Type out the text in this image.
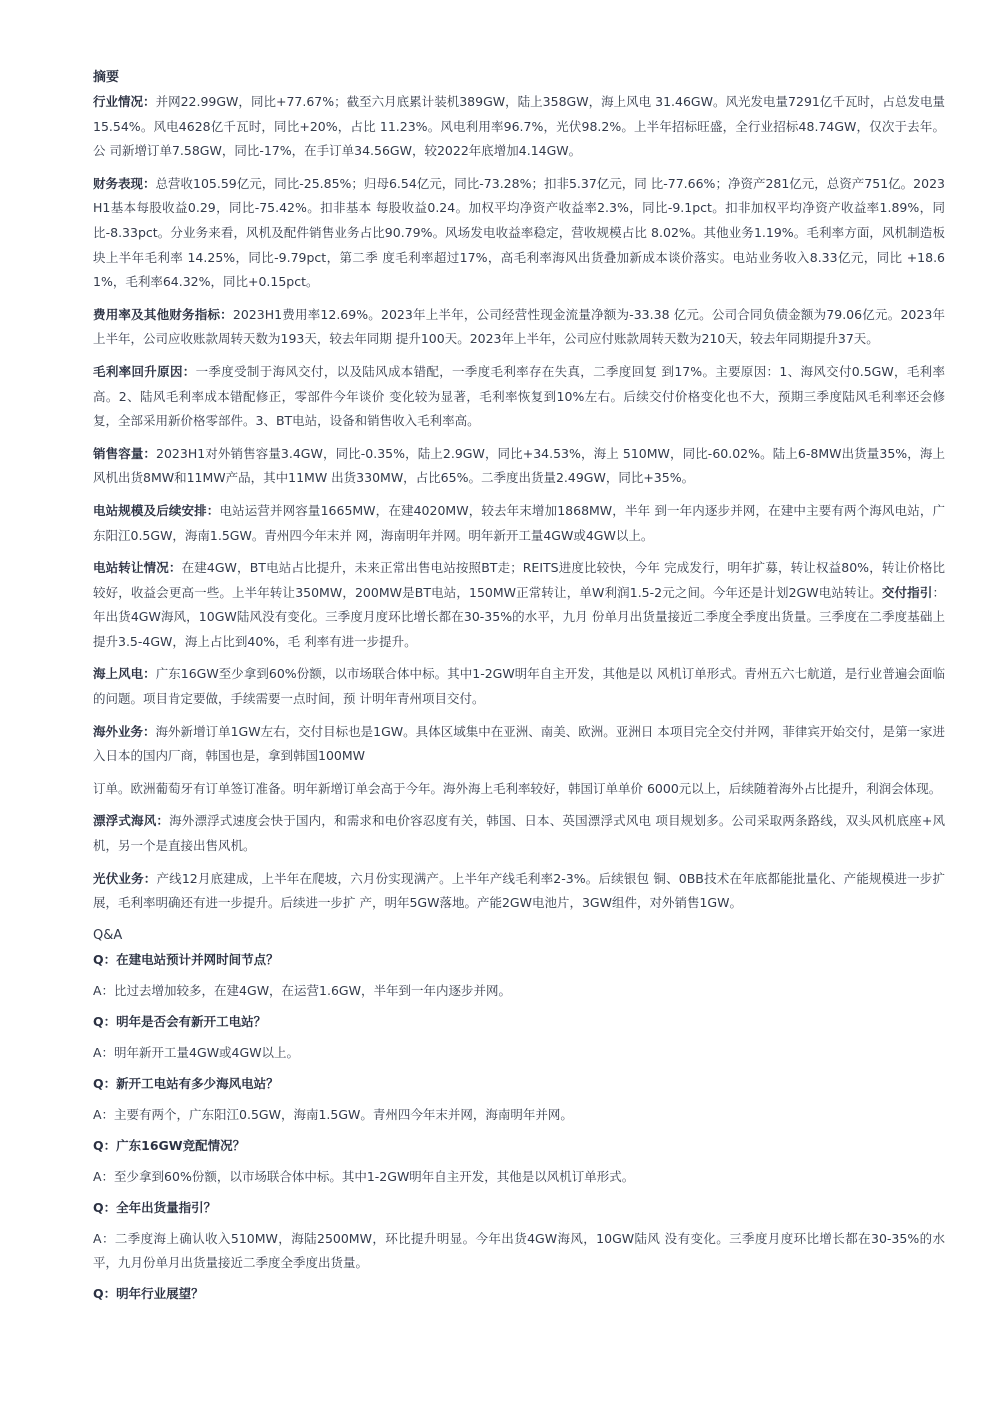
摘要

行业情况：并网22.99GW，同比+77.67%；截至六月底累计装机389GW，陆上358GW，海上风电 31.46GW。风光发电量7291亿千瓦时，占总发电量15.54%。风电4628亿千瓦时，同比+20%，占比 11.23%。风电利用率96.7%，光伏98.2%。上半年招标旺盛，全行业招标48.74GW，仅次于去年。公 司新增订单7.58GW，同比-17%，在手订单34.56GW，较2022年底增加4.14GW。

财务表现：总营收105.59亿元，同比-25.85%；归母6.54亿元，同比-73.28%；扣非5.37亿元，同 比-77.66%；净资产281亿元，总资产751亿。2023H1基本每股收益0.29，同比-75.42%。扣非基本 每股收益0.24。加权平均净资产收益率2.3%，同比-9.1pct。扣非加权平均净资产收益率1.89%，同 比-8.33pct。分业务来看，风机及配件销售业务占比90.79%。风场发电收益率稳定，营收规模占比 8.02%。其他业务1.19%。毛利率方面，风机制造板块上半年毛利率 14.25%，同比-9.79pct，第二季 度毛利率超过17%，高毛利率海风出货叠加新成本谈价落实。电站业务收入8.33亿元，同比 +18.61%，毛利率64.32%，同比+0.15pct。

费用率及其他财务指标：2023H1费用率12.69%。2023年上半年，公司经营性现金流量净额为-33.38 亿元。公司合同负债金额为79.06亿元。2023年上半年，公司应收账款周转天数为193天，较去年同期 提升100天。2023年上半年，公司应付账款周转天数为210天，较去年同期提升37天。

毛利率回升原因：一季度受制于海风交付，以及陆风成本错配，一季度毛利率存在失真，二季度回复 到17%。主要原因：1、海风交付0.5GW，毛利率高。2、陆风毛利率成本错配修正，零部件今年谈价 变化较为显著，毛利率恢复到10%左右。后续交付价格变化也不大，预期三季度陆风毛利率还会修 复，全部采用新价格零部件。3、BT电站，设备和销售收入毛利率高。

销售容量：2023H1对外销售容量3.4GW，同比-0.35%，陆上2.9GW，同比+34.53%，海上 510MW，同比-60.02%。陆上6-8MW出货量35%，海上风机出货8MW和11MW产品，其中11MW 出货330MW，占比65%。二季度出货量2.49GW，同比+35%。

电站规模及后续安排：电站运营并网容量1665MW，在建4020MW，较去年末增加1868MW，半年 到一年内逐步并网，在建中主要有两个海风电站，广东阳江0.5GW，海南1.5GW。青州四今年末并 网，海南明年并网。明年新开工量4GW或4GW以上。

电站转让情况：在建4GW，BT电站占比提升，未来正常出售电站按照BT走；REITS进度比较快，今年 完成发行，明年扩募，转让权益80%，转让价格比较好，收益会更高一些。上半年转让350MW，200MW是BT电站，150MW正常转让，单W利润1.5-2元之间。今年还是计划2GW电站转让。交付指引：年出货4GW海风，10GW陆风没有变化。三季度月度环比增长都在30-35%的水平，九月 份单月出货量接近二季度全季度出货量。三季度在二季度基础上提升3.5-4GW，海上占比到40%，毛 利率有进一步提升。

海上风电：广东16GW至少拿到60%份额，以市场联合体中标。其中1-2GW明年自主开发，其他是以 风机订单形式。青州五六七航道，是行业普遍会面临的问题。项目肯定要做，手续需要一点时间，预 计明年青州项目交付。

海外业务：海外新增订单1GW左右，交付目标也是1GW。具体区域集中在亚洲、南美、欧洲。亚洲日 本项目完全交付并网，菲律宾开始交付，是第一家进入日本的国内厂商，韩国也是，拿到韩国100MW

订单。欧洲葡萄牙有订单签订准备。明年新增订单会高于今年。海外海上毛利率较好，韩国订单单价 6000元以上，后续随着海外占比提升，利润会体现。

漂浮式海风：海外漂浮式速度会快于国内，和需求和电价容忍度有关，韩国、日本、英国漂浮式风电 项目规划多。公司采取两条路线，双头风机底座+风机，另一个是直接出售风机。

光伏业务：产线12月底建成，上半年在爬坡，六月份实现满产。上半年产线毛利率2-3%。后续银包 铜、0BB技术在年底都能批量化、产能规模进一步扩展，毛利率明确还有进一步提升。后续进一步扩 产，明年5GW落地。产能2GW电池片，3GW组件，对外销售1GW。

Q&A

Q：在建电站预计并网时间节点？

A：比过去增加较多，在建4GW，在运营1.6GW，半年到一年内逐步并网。

Q：明年是否会有新开工电站？

A：明年新开工量4GW或4GW以上。

Q：新开工电站有多少海风电站？

A：主要有两个，广东阳江0.5GW，海南1.5GW。青州四今年末并网，海南明年并网。

Q：广东16GW竞配情况？

A：至少拿到60%份额，以市场联合体中标。其中1-2GW明年自主开发，其他是以风机订单形式。

Q：全年出货量指引？

A：二季度海上确认收入510MW，海陆2500MW，环比提升明显。今年出货4GW海风，10GW陆风 没有变化。三季度月度环比增长都在30-35%的水平，九月份单月出货量接近二季度全季度出货量。

Q：明年行业展望？
